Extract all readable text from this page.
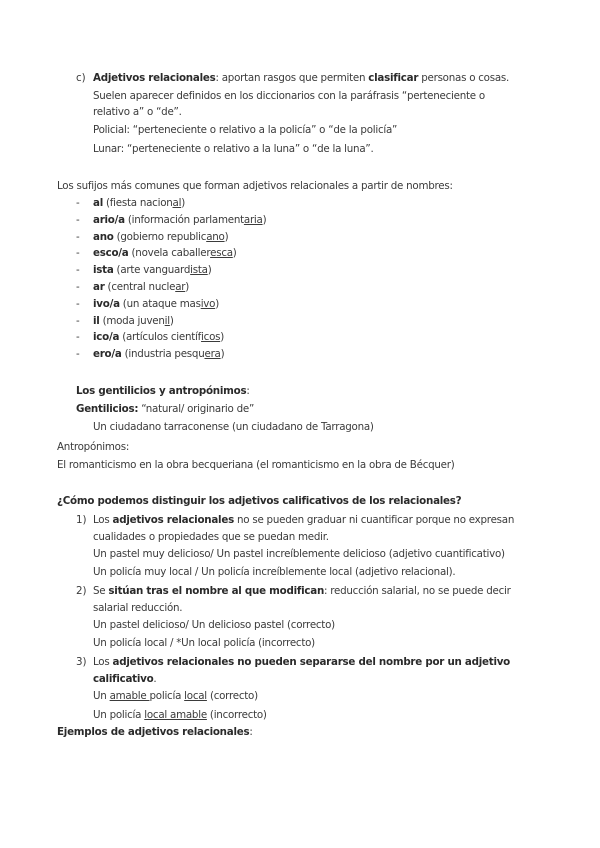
c) Adjetivos relacionales: aportan rasgos que permiten clasificar personas o cosas.
Suelen aparecer definidos en los diccionarios con la paráfrasis “perteneciente o
relativo a” o “de”.
Policial: “perteneciente o relativo a la policía” o “de la policía”
Lunar: “perteneciente o relativo a la luna” o “de la luna”.
Los sufijos más comunes que forman adjetivos relacionales a partir de nombres:
- al (fiesta nacional)
- ario/a (información parlamentaria)
- ano (gobierno republicano)
- esco/a (novela caballeresca)
- ista (arte vanguardista)
- ar (central nuclear)
- ivo/a (un ataque masivo)
- il (moda juvenil)
- ico/a (artículos científicos)
- ero/a (industria pesquera)
Los gentilicios y antropónimos:
Gentilicios: “natural/ originario de”
Un ciudadano tarraconense (un ciudadano de Tarragona)
Antropónimos:
El romanticismo en la obra becqueriana (el romanticismo en la obra de Bécquer)
¿Cómo podemos distinguir los adjetivos calificativos de los relacionales?
1) Los adjetivos relacionales no se pueden graduar ni cuantificar porque no expresan
cualidades o propiedades que se puedan medir.
Un pastel muy delicioso/ Un pastel increíblemente delicioso (adjetivo cuantificativo)
Un policía muy local / Un policía increíblemente local (adjetivo relacional).
2) Se sitúan tras el nombre al que modifican: reducción salarial, no se puede decir
salarial reducción.
Un pastel delicioso/ Un delicioso pastel (correcto)
Un policía local / *Un local policía (incorrecto)
3) Los adjetivos relacionales no pueden separarse del nombre por un adjetivo
calificativo.
Un amable policía local (correcto)
Un policía local amable (incorrecto)
Ejemplos de adjetivos relacionales:
